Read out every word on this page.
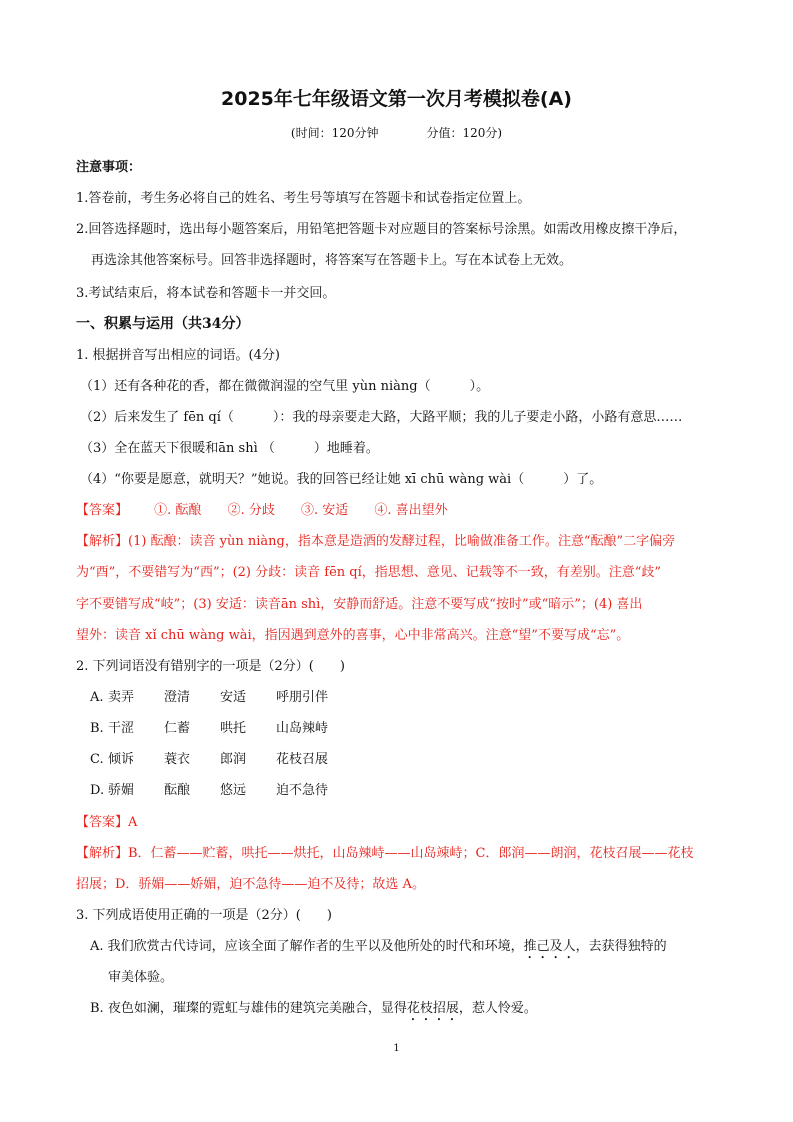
2025年七年级语文第一次月考模拟卷(A)
(时间：120分钟	分值：120分)
注意事项：
1.答卷前，考生务必将自己的姓名、考生号等填写在答题卡和试卷指定位置上。
2.回答选择题时，选出每小题答案后，用铅笔把答题卡对应题目的答案标号涂黑。如需改用橡皮擦干净后，
再选涂其他答案标号。回答非选择题时，将答案写在答题卡上。写在本试卷上无效。
3.考试结束后，将本试卷和答题卡一并交回。
一、积累与运用（共34分）
1. 根据拼音写出相应的词语。(4分)
（1）还有各种花的香，都在微微润湿的空气里 yùn niàng（　　　）。
（2）后来发生了 fēn qí（　　　）：我的母亲要走大路，大路平顺；我的儿子要走小路，小路有意思……
（3）全在蓝天下很暖和ān shì （　　　）地睡着。
（4）“你要是愿意，就明天？”她说。我的回答已经让她 xī chū wàng wài（　　　）了。
【答案】 ①. 酝酿 ②. 分歧 ③. 安适 ④. 喜出望外
【解析】(1) 酝酿：读音 yùn niàng，指本意是造酒的发酵过程，比喻做准备工作。注意“酝酿”二字偏旁
为“酉”，不要错写为“西”；(2) 分歧：读音 fēn qí，指思想、意见、记载等不一致，有差别。注意“歧”
字不要错写成“岐”；(3) 安适：读音ān shì，安静而舒适。注意不要写成“按时”或“暗示”；(4) 喜出
望外：读音 xǐ chū wàng wài，指因遇到意外的喜事，心中非常高兴。注意“望”不要写成“忘”。
2. 下列词语没有错别字的一项是（2分）(　　)
A. 卖弄 澄清 安适 呼朋引伴
B. 干涩 仁蓄 哄托 山岛辣峙
C. 倾诉 蓑衣 郎润 花枝召展
D. 骄媚 酝酿 悠远 迫不急待
【答案】A
【解析】B．仁蓄——贮蓄，哄托——烘托，山岛辣峙——山岛竦峙；C．郎润——朗润，花枝召展——花枝
招展；D．骄媚——娇媚，迫不急待——迫不及待；故选 A。
3. 下列成语使用正确的一项是（2分）(　　)
A. 我们欣赏古代诗词，应该全面了解作者的生平以及他所处的时代和环境，推己及人，去获得独特的
审美体验。
B. 夜色如澜，璀璨的霓虹与雄伟的建筑完美融合，显得花枝招展，惹人怜爱。
1
